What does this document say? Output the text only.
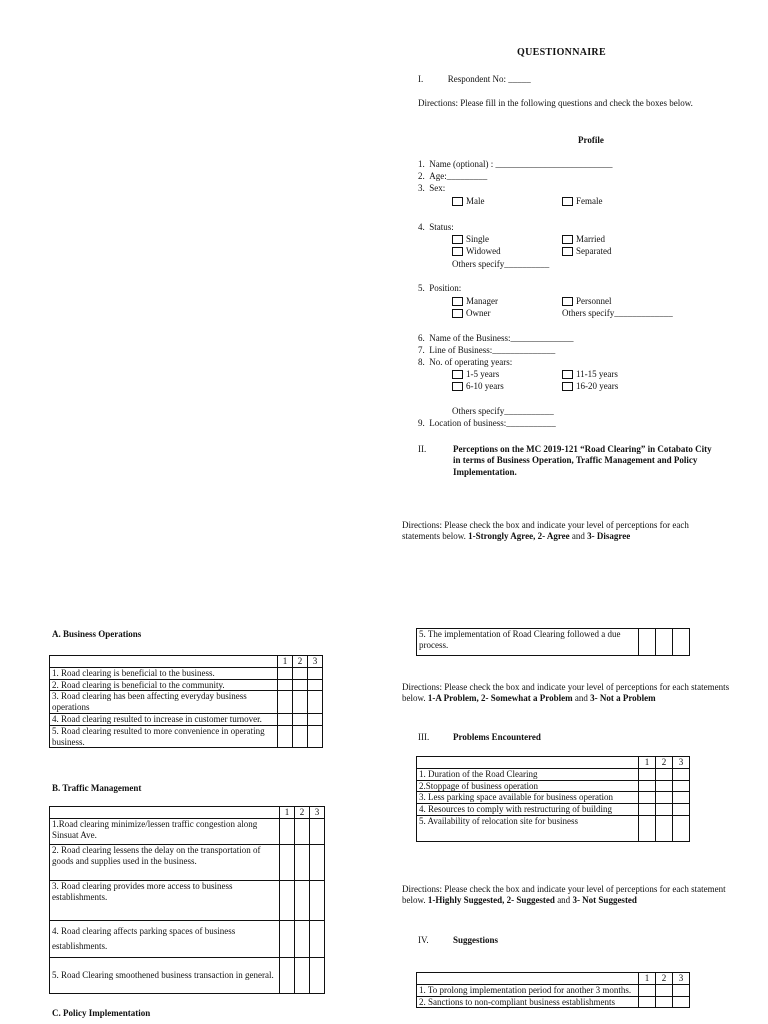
QUESTIONNAIRE
I.	Respondent No: _____
Directions: Please fill in the following questions and check the boxes below.
Profile
1. Name (optional) : __________________________
2. Age:_________
3. Sex:
Male	Female
4. Status:
Single	Married
Widowed	Separated
Others specify__________
5. Position:
Manager	Personnel
Owner	Others specify_____________
6. Name of the Business:______________
7. Line of Business:______________
8. No. of operating years:
1-5 years	11-15 years
6-10 years	16-20 years
Others specify___________
9. Location of business:___________
II.	Perceptions on the MC 2019-121 “Road Clearing” in Cotabato City in terms of Business Operation, Traffic Management and Policy Implementation.
Directions: Please check the box and indicate your level of perceptions for each statements below. 1-Strongly Agree, 2- Agree and 3- Disagree
A. Business Operations
	1	2	3
1. Road clearing is beneficial to the business.			
2. Road clearing is beneficial to the community.			
3. Road clearing has been affecting everyday business operations			
4. Road clearing resulted to increase in customer turnover.			
5. Road clearing resulted to more convenience in operating business.			
B. Traffic Management
	1	2	3
1.Road clearing minimize/lessen traffic congestion along Sinsuat Ave.			
2. Road clearing lessens the delay on the transportation of goods and supplies used in the business.			
3. Road clearing provides more access to business establishments.			
4. Road clearing affects parking spaces of business establishments.			
5. Road Clearing smoothened business transaction in general.			
C. Policy Implementation
5. The implementation of Road Clearing followed a due process.			
Directions: Please check the box and indicate your level of perceptions for each statements below. 1-A Problem, 2- Somewhat a Problem and 3- Not a Problem
III.	Problems Encountered
	1	2	3
1. Duration of the Road Clearing			
2.Stoppage of business operation			
3. Less parking space available for business operation			
4. Resources to comply with restructuring of building			
5. Availability of relocation site for business			
Directions: Please check the box and indicate your level of perceptions for each statement below. 1-Highly Suggested, 2- Suggested and 3- Not Suggested
IV.	Suggestions
	1	2	3
1. To prolong implementation period for another 3 months.			
2. Sanctions to non-compliant business establishments			
